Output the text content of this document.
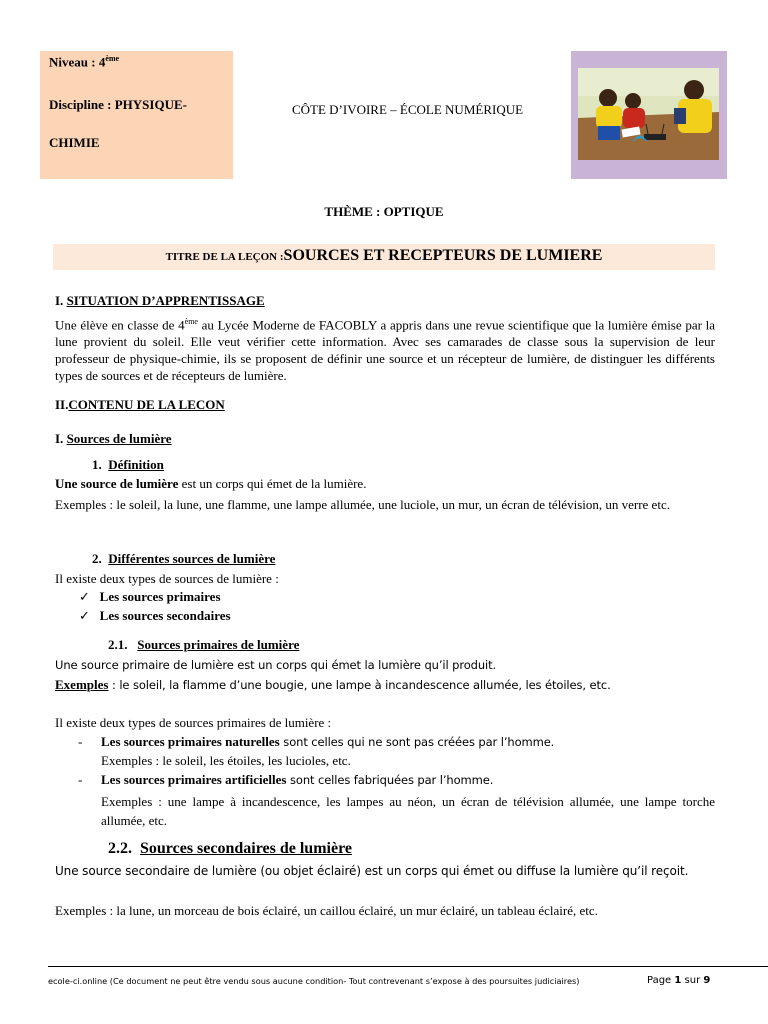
Niveau : 4ème
Discipline : PHYSIQUE-
CHIMIE
CÔTE D’IVOIRE – ÉCOLE NUMÉRIQUE
THÈME : OPTIQUE
TITRE DE LA LEÇON :SOURCES ET RECEPTEURS DE LUMIERE
I. SITUATION D’APPRENTISSAGE
Une élève en classe de 4ème au Lycée Moderne de FACOBLY a appris dans une revue scientifique que la lumière émise par la lune provient du soleil. Elle veut vérifier cette information. Avec ses camarades de classe sous la supervision de leur professeur de physique-chimie, ils se proposent de définir une source et un récepteur de lumière, de distinguer les différents types de sources et de récepteurs de lumière.
II.CONTENU DE LA LECON
I. Sources de lumière
1. Définition
Une source de lumière est un corps qui émet de la lumière.
Exemples : le soleil, la lune, une flamme, une lampe allumée, une luciole, un mur, un écran de télévision, un verre etc.
2. Différentes sources de lumière
Il existe deux types de sources de lumière :
✓ Les sources primaires
✓ Les sources secondaires
2.1. Sources primaires de lumière
Une source primaire de lumière est un corps qui émet la lumière qu’il produit.
Exemples : le soleil, la flamme d’une bougie, une lampe à incandescence allumée, les étoiles, etc.
Il existe deux types de sources primaires de lumière :
- Les sources primaires naturelles sont celles qui ne sont pas créées par l’homme.
Exemples : le soleil, les étoiles, les lucioles, etc.
- Les sources primaires artificielles sont celles fabriquées par l’homme.
Exemples : une lampe à incandescence, les lampes au néon, un écran de télévision allumée, une lampe torche allumée, etc.
2.2. Sources secondaires de lumière
Une source secondaire de lumière (ou objet éclairé) est un corps qui émet ou diffuse la lumière qu’il reçoit.
Exemples : la lune, un morceau de bois éclairé, un caillou éclairé, un mur éclairé, un tableau éclairé, etc.
ecole-ci.online (Ce document ne peut être vendu sous aucune condition- Tout contrevenant s’expose à des poursuites judiciaires)	Page 1 sur 9
